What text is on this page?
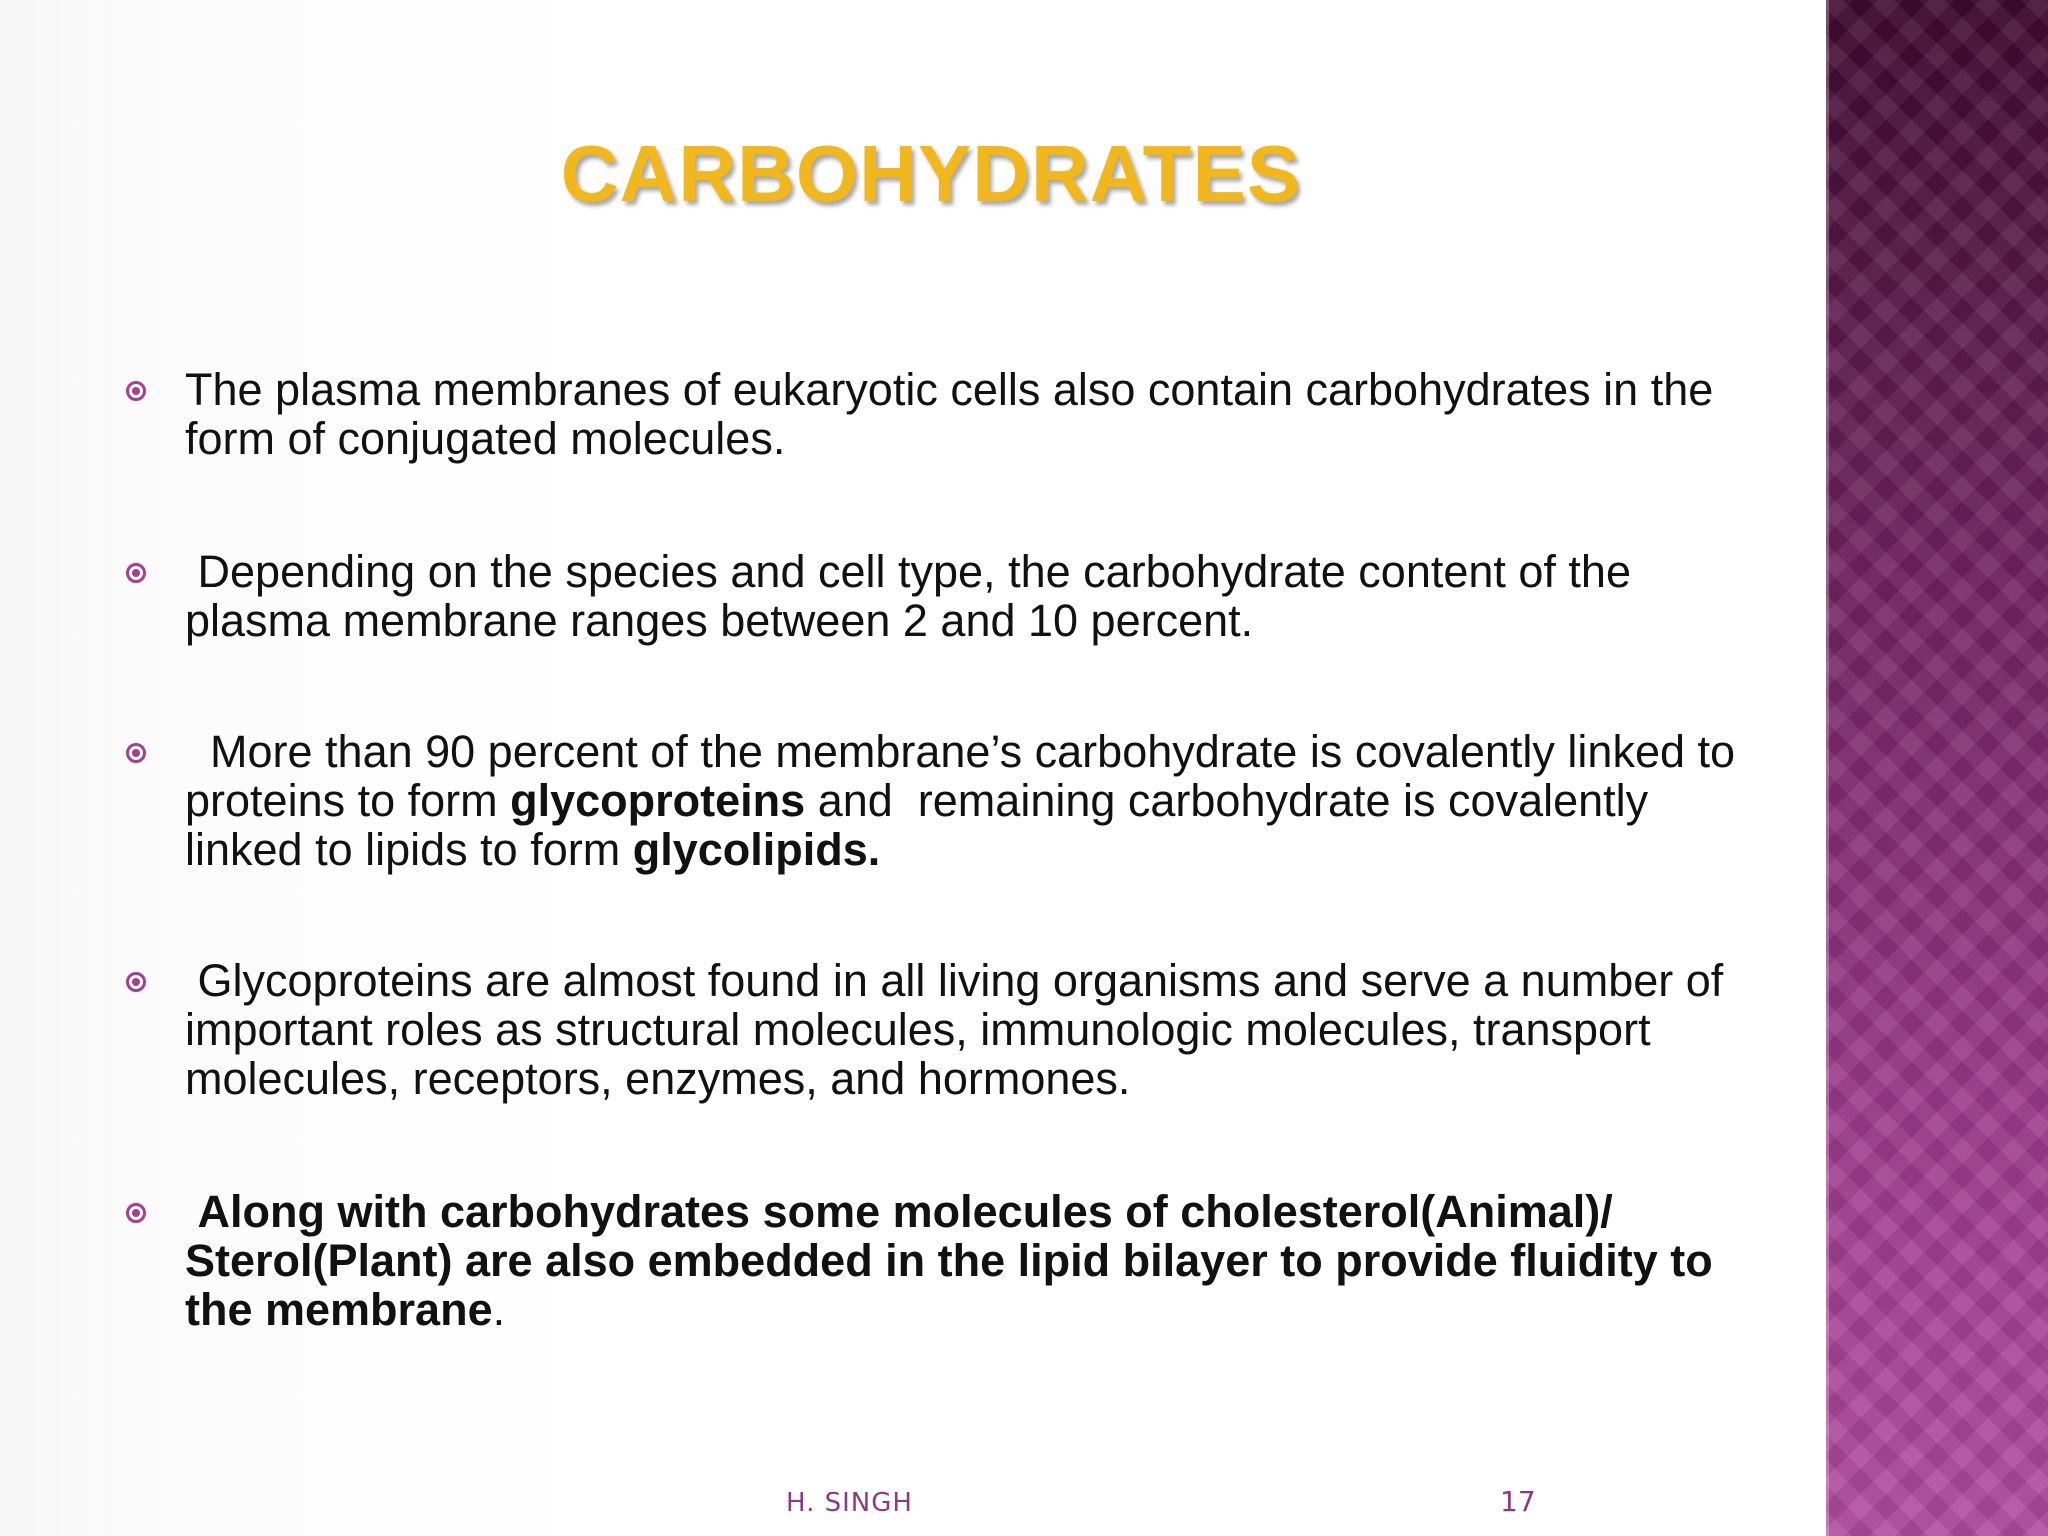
CARBOHYDRATES
The plasma membranes of eukaryotic cells also contain carbohydrates in the form of conjugated molecules.
Depending on the species and cell type, the carbohydrate content of the plasma membrane ranges between 2 and 10 percent.
More than 90 percent of the membrane’s carbohydrate is covalently linked to proteins to form glycoproteins and  remaining carbohydrate is covalently linked to lipids to form glycolipids.
Glycoproteins are almost found in all living organisms and serve a number of important roles as structural molecules, immunologic molecules, transport molecules, receptors, enzymes, and hormones.
Along with carbohydrates some molecules of cholesterol(Animal)/ Sterol(Plant) are also embedded in the lipid bilayer to provide fluidity to the membrane.
H. SINGH	17
